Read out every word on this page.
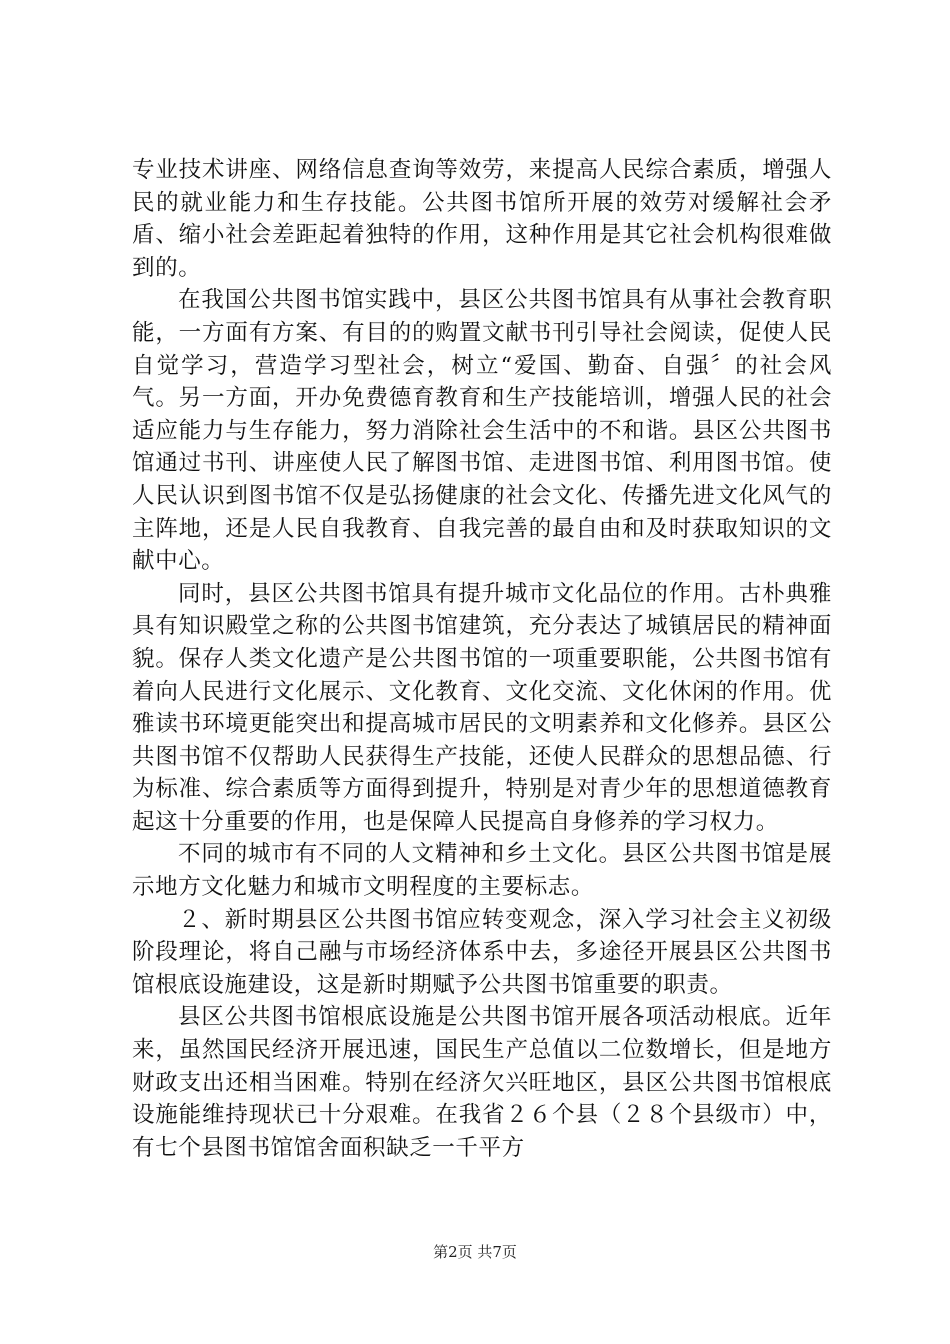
专业技术讲座、网络信息查询等效劳，来提高人民综合素质，增强人民的就业能力和生存技能。公共图书馆所开展的效劳对缓解社会矛盾、缩小社会差距起着独特的作用，这种作用是其它社会机构很难做到的。

在我国公共图书馆实践中，县区公共图书馆具有从事社会教育职能，一方面有方案、有目的的购置文献书刊引导社会阅读，促使人民自觉学习，营造学习型社会，树立“爱国、勤奋、自强〞的社会风气。另一方面，开办免费德育教育和生产技能培训，增强人民的社会适应能力与生存能力，努力消除社会生活中的不和谐。县区公共图书馆通过书刊、讲座使人民了解图书馆、走进图书馆、利用图书馆。使人民认识到图书馆不仅是弘扬健康的社会文化、传播先进文化风气的主阵地，还是人民自我教育、自我完善的最自由和及时获取知识的文献中心。

同时，县区公共图书馆具有提升城市文化品位的作用。古朴典雅具有知识殿堂之称的公共图书馆建筑，充分表达了城镇居民的精神面貌。保存人类文化遗产是公共图书馆的一项重要职能，公共图书馆有着向人民进行文化展示、文化教育、文化交流、文化休闲的作用。优雅读书环境更能突出和提高城市居民的文明素养和文化修养。县区公共图书馆不仅帮助人民获得生产技能，还使人民群众的思想品德、行为标准、综合素质等方面得到提升，特别是对青少年的思想道德教育起这十分重要的作用，也是保障人民提高自身修养的学习权力。

不同的城市有不同的人文精神和乡土文化。县区公共图书馆是展示地方文化魅力和城市文明程度的主要标志。

２、新时期县区公共图书馆应转变观念，深入学习社会主义初级阶段理论，将自己融与市场经济体系中去，多途径开展县区公共图书馆根底设施建设，这是新时期赋予公共图书馆重要的职责。

县区公共图书馆根底设施是公共图书馆开展各项活动根底。近年来，虽然国民经济开展迅速，国民生产总值以二位数增长，但是地方财政支出还相当困难。特别在经济欠兴旺地区，县区公共图书馆根底设施能维持现状已十分艰难。在我省２６个县（２８个县级市）中，有七个县图书馆馆舍面积缺乏一千平方

第2页 共7页
